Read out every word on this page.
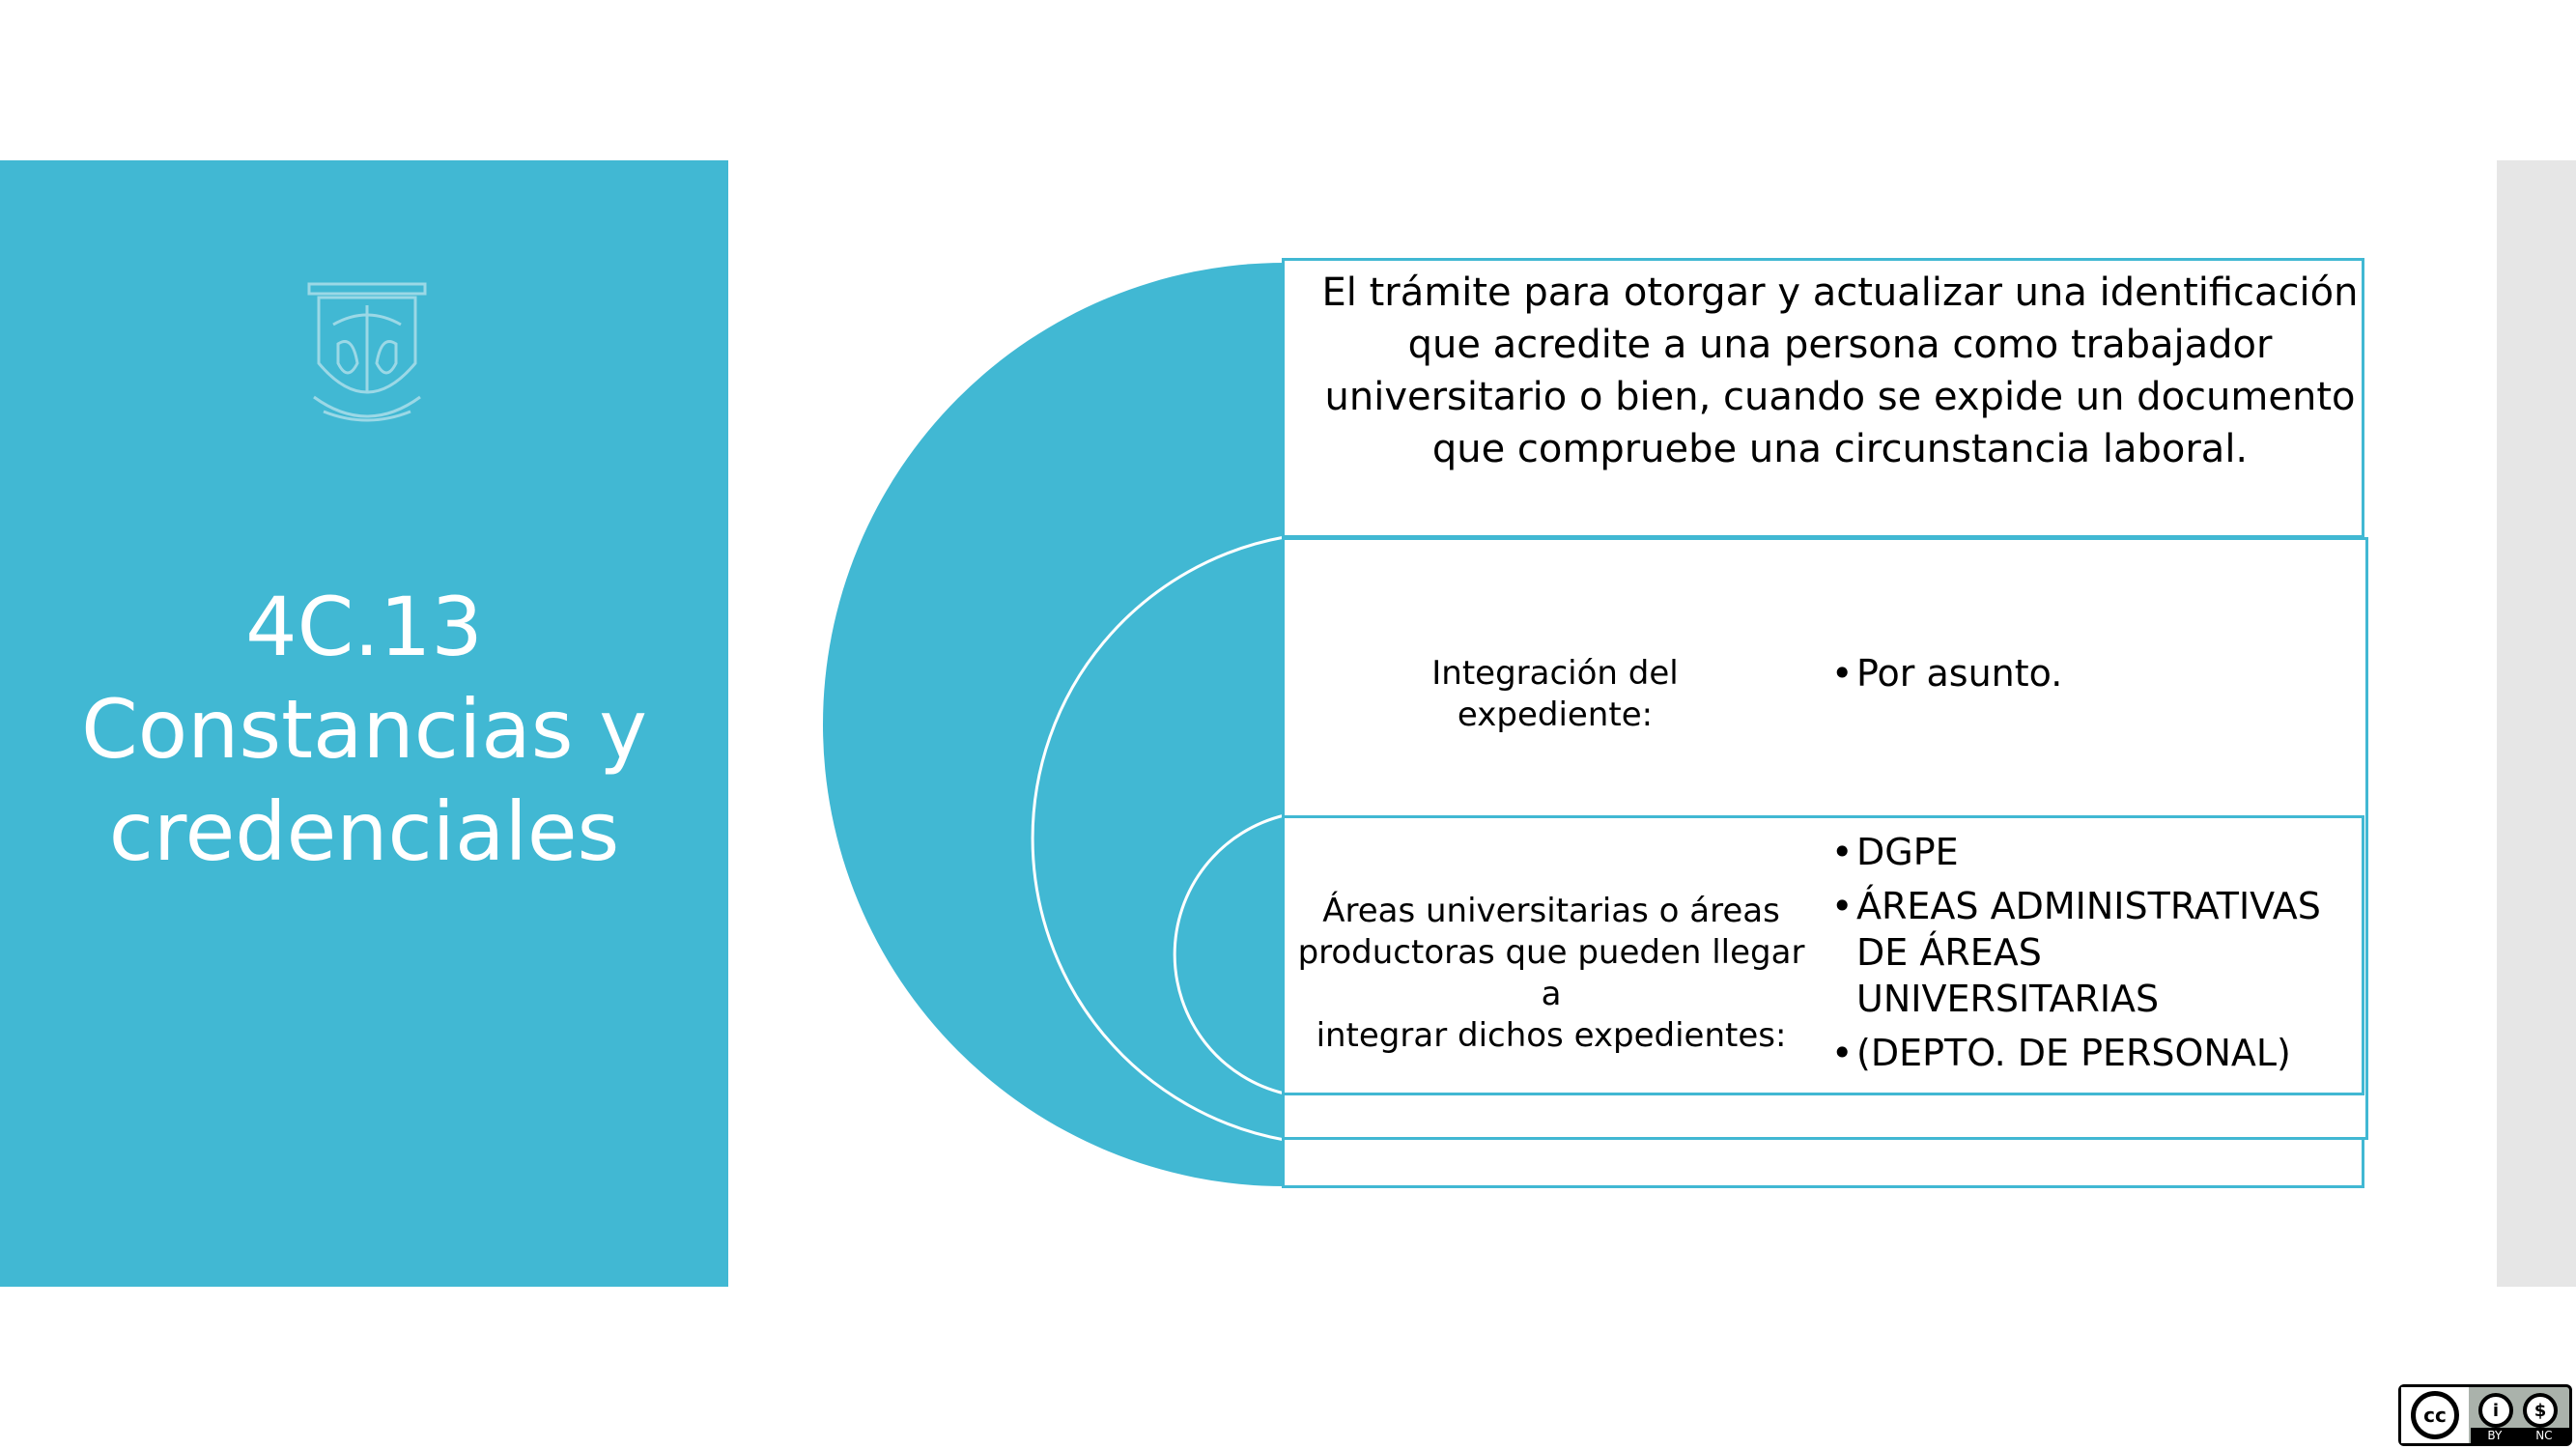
4C.13
Constancias y
credenciales
El trámite para otorgar y actualizar una identificación
que acredite a una persona como trabajador
universitario o bien, cuando se expide un documento
que compruebe una circunstancia laboral.
Integración del expediente:
• Por asunto.
Áreas universitarias o áreas
productoras que pueden llegar a
integrar dichos expedientes:
• DGPE
• ÁREAS ADMINISTRATIVAS DE ÁREAS UNIVERSITARIAS
• (DEPTO. DE PERSONAL)
cc	i	$
BY	NC
